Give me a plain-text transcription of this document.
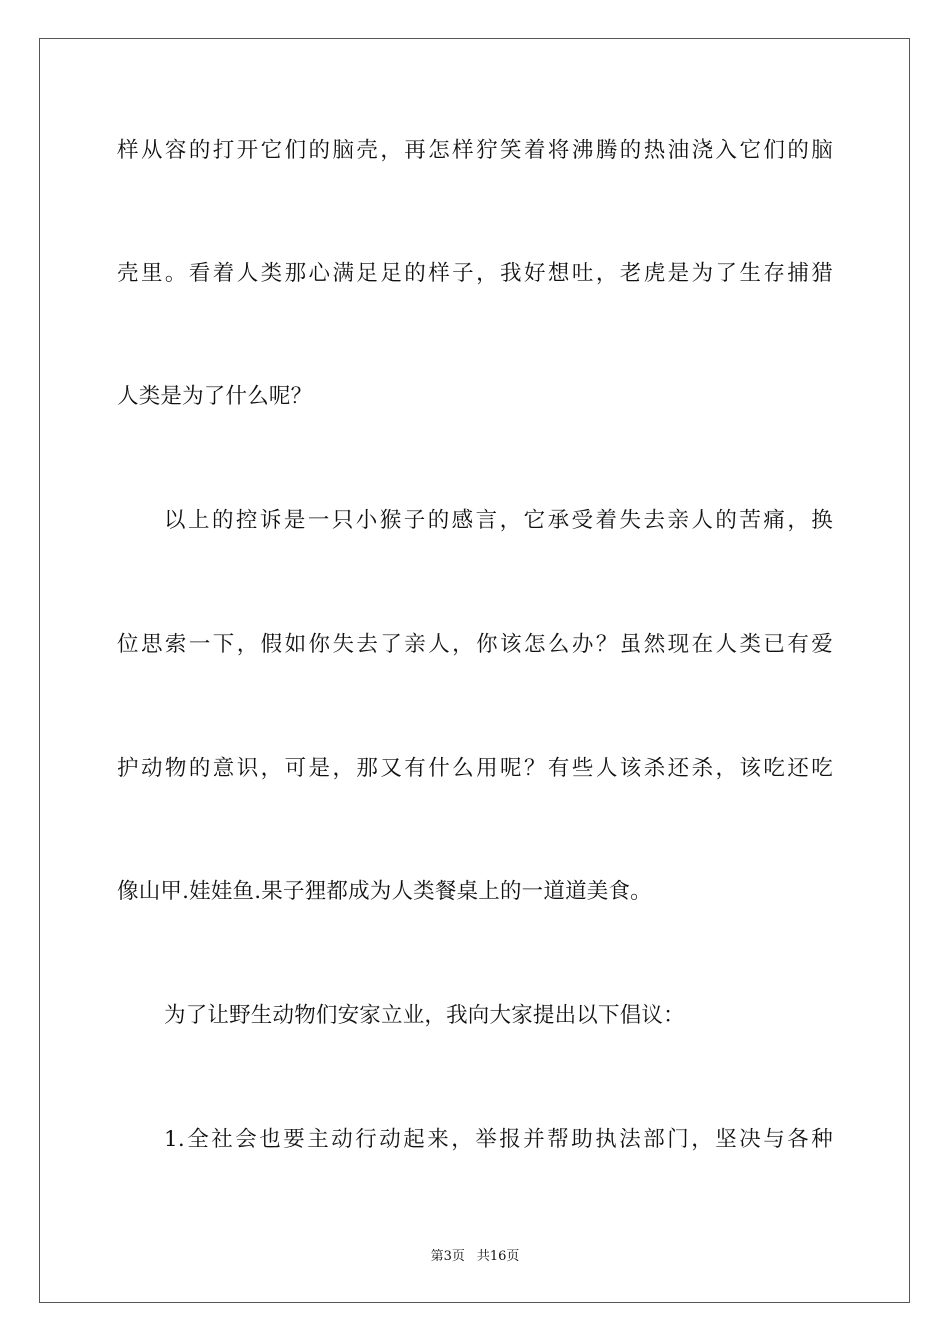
样从容的打开它们的脑壳，再怎样狞笑着将沸腾的热油浇入它们的脑
壳里。看着人类那心满足足的样子，我好想吐，老虎是为了生存捕猎
人类是为了什么呢？
以上的控诉是一只小猴子的感言，它承受着失去亲人的苦痛，换
位思索一下，假如你失去了亲人，你该怎么办？虽然现在人类已有爱
护动物的意识，可是，那又有什么用呢？有些人该杀还杀，该吃还吃
像山甲.娃娃鱼.果子狸都成为人类餐桌上的一道道美食。
为了让野生动物们安家立业，我向大家提出以下倡议：
1.全社会也要主动行动起来，举报并帮助执法部门，坚决与各种
第3页 共16页
